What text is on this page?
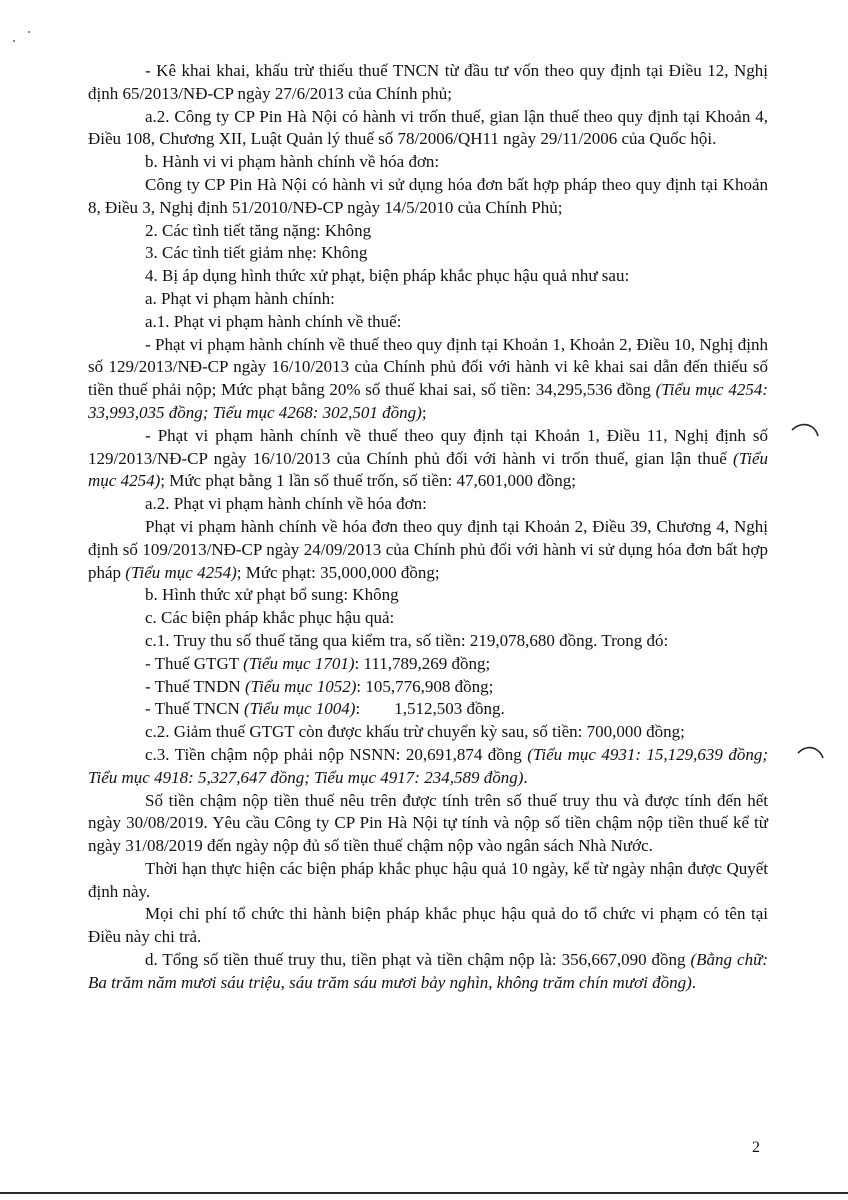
- Kê khai khai, khấu trừ thiếu thuế TNCN từ đầu tư vốn theo quy định tại Điều 12, Nghị định 65/2013/NĐ-CP ngày 27/6/2013 của Chính phủ;

a.2. Công ty CP Pin Hà Nội có hành vi trốn thuế, gian lận thuế theo quy định tại Khoản 4, Điều 108, Chương XII, Luật Quản lý thuế số 78/2006/QH11 ngày 29/11/2006 của Quốc hội.

b. Hành vi vi phạm hành chính về hóa đơn:

Công ty CP Pin Hà Nội có hành vi sử dụng hóa đơn bất hợp pháp theo quy định tại Khoản 8, Điều 3, Nghị định 51/2010/NĐ-CP ngày 14/5/2010 của Chính Phủ;

2. Các tình tiết tăng nặng: Không

3. Các tình tiết giảm nhẹ: Không

4. Bị áp dụng hình thức xử phạt, biện pháp khắc phục hậu quả như sau:

a. Phạt vi phạm hành chính:

a.1. Phạt vi phạm hành chính về thuế:

- Phạt vi phạm hành chính về thuế theo quy định tại Khoản 1, Khoản 2, Điều 10, Nghị định số 129/2013/NĐ-CP ngày 16/10/2013 của Chính phủ đối với hành vi kê khai sai dẫn đến thiếu số tiền thuế phải nộp; Mức phạt bằng 20% số thuế khai sai, số tiền: 34,295,536 đồng (Tiểu mục 4254: 33,993,035 đồng; Tiểu mục 4268: 302,501 đồng);

- Phạt vi phạm hành chính về thuế theo quy định tại Khoản 1, Điều 11, Nghị định số 129/2013/NĐ-CP ngày 16/10/2013 của Chính phủ đối với hành vi trốn thuế, gian lận thuế (Tiểu mục 4254); Mức phạt bằng 1 lần số thuế trốn, số tiền: 47,601,000 đồng;

a.2. Phạt vi phạm hành chính về hóa đơn:

Phạt vi phạm hành chính về hóa đơn theo quy định tại Khoản 2, Điều 39, Chương 4, Nghị định số 109/2013/NĐ-CP ngày 24/09/2013 của Chính phủ đối với hành vi sử dụng hóa đơn bất hợp pháp (Tiểu mục 4254); Mức phạt: 35,000,000 đồng;

b. Hình thức xử phạt bổ sung: Không

c. Các biện pháp khắc phục hậu quả:

c.1. Truy thu số thuế tăng qua kiểm tra, số tiền: 219,078,680 đồng. Trong đó:

- Thuế GTGT (Tiểu mục 1701): 111,789,269 đồng;

- Thuế TNDN (Tiểu mục 1052): 105,776,908 đồng;

- Thuế TNCN (Tiểu mục 1004): 1,512,503 đồng.

c.2. Giảm thuế GTGT còn được khấu trừ chuyển kỳ sau, số tiền: 700,000 đồng;

c.3. Tiền chậm nộp phải nộp NSNN: 20,691,874 đồng (Tiểu mục 4931: 15,129,639 đồng; Tiểu mục 4918: 5,327,647 đồng; Tiểu mục 4917: 234,589 đồng).

Số tiền chậm nộp tiền thuế nêu trên được tính trên số thuế truy thu và được tính đến hết ngày 30/08/2019. Yêu cầu Công ty CP Pin Hà Nội tự tính và nộp số tiền chậm nộp tiền thuế kể từ ngày 31/08/2019 đến ngày nộp đủ số tiền thuế chậm nộp vào ngân sách Nhà Nước.

Thời hạn thực hiện các biện pháp khắc phục hậu quả 10 ngày, kể từ ngày nhận được Quyết định này.

Mọi chi phí tổ chức thi hành biện pháp khắc phục hậu quả do tổ chức vi phạm có tên tại Điều này chi trả.

d. Tổng số tiền thuế truy thu, tiền phạt và tiền chậm nộp là: 356,667,090 đồng (Bằng chữ: Ba trăm năm mươi sáu triệu, sáu trăm sáu mươi bảy nghìn, không trăm chín mươi đồng).

2
